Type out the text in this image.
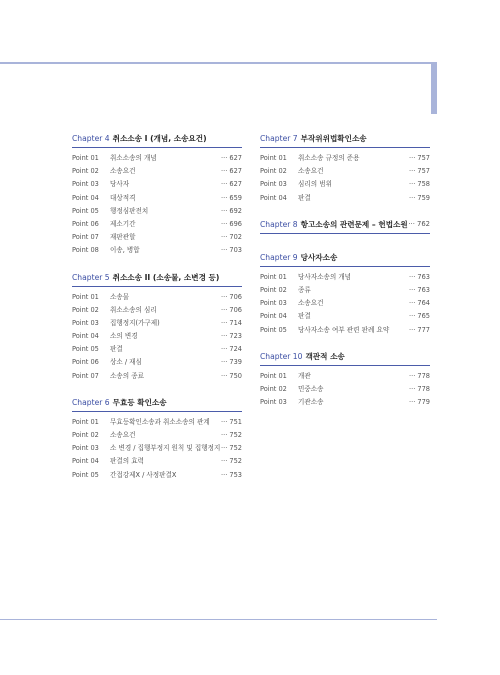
Chapter 4 취소소송 I (개념, 소송요건)
Point 01	취소소송의 개념	··· 627
Point 02	소송요건	··· 627
Point 03	당사자	··· 627
Point 04	대상적격	··· 659
Point 05	행정심판전치	··· 692
Point 06	제소기간	··· 696
Point 07	재판관할	··· 702
Point 08	이송, 병합	··· 703
Chapter 5 취소소송 II (소송물, 소변경 등)
Point 01	소송물	··· 706
Point 02	취소소송의 심리	··· 706
Point 03	집행정지(가구제)	··· 714
Point 04	소의 변경	··· 723
Point 05	판결	··· 724
Point 06	상소 / 재심	··· 739
Point 07	소송의 종료	··· 750
Chapter 6 무효등 확인소송
Point 01	무효등확인소송과 취소소송의 관계	··· 751
Point 02	소송요건	··· 752
Point 03	소 변경 / 집행부정지 원칙 및 집행정지 ··· 752
Point 04	판결의 효력	··· 752
Point 05	간접강제X / 사정판결X	··· 753
Chapter 7 부작위위법확인소송
Point 01	취소소송 규정의 준용	··· 757
Point 02	소송요건	··· 757
Point 03	심리의 범위	··· 758
Point 04	판결	··· 759
Chapter 8 항고소송의 관련문제 – 헌법소원 ··· 762
Chapter 9 당사자소송
Point 01	당사자소송의 개념	··· 763
Point 02	종류	··· 763
Point 03	소송요건	··· 764
Point 04	판결	··· 765
Point 05	당사자소송 여부 관련 판례 요약	··· 777
Chapter 10 객관적 소송
Point 01	개관	··· 778
Point 02	민중소송	··· 778
Point 03	기관소송	··· 779
